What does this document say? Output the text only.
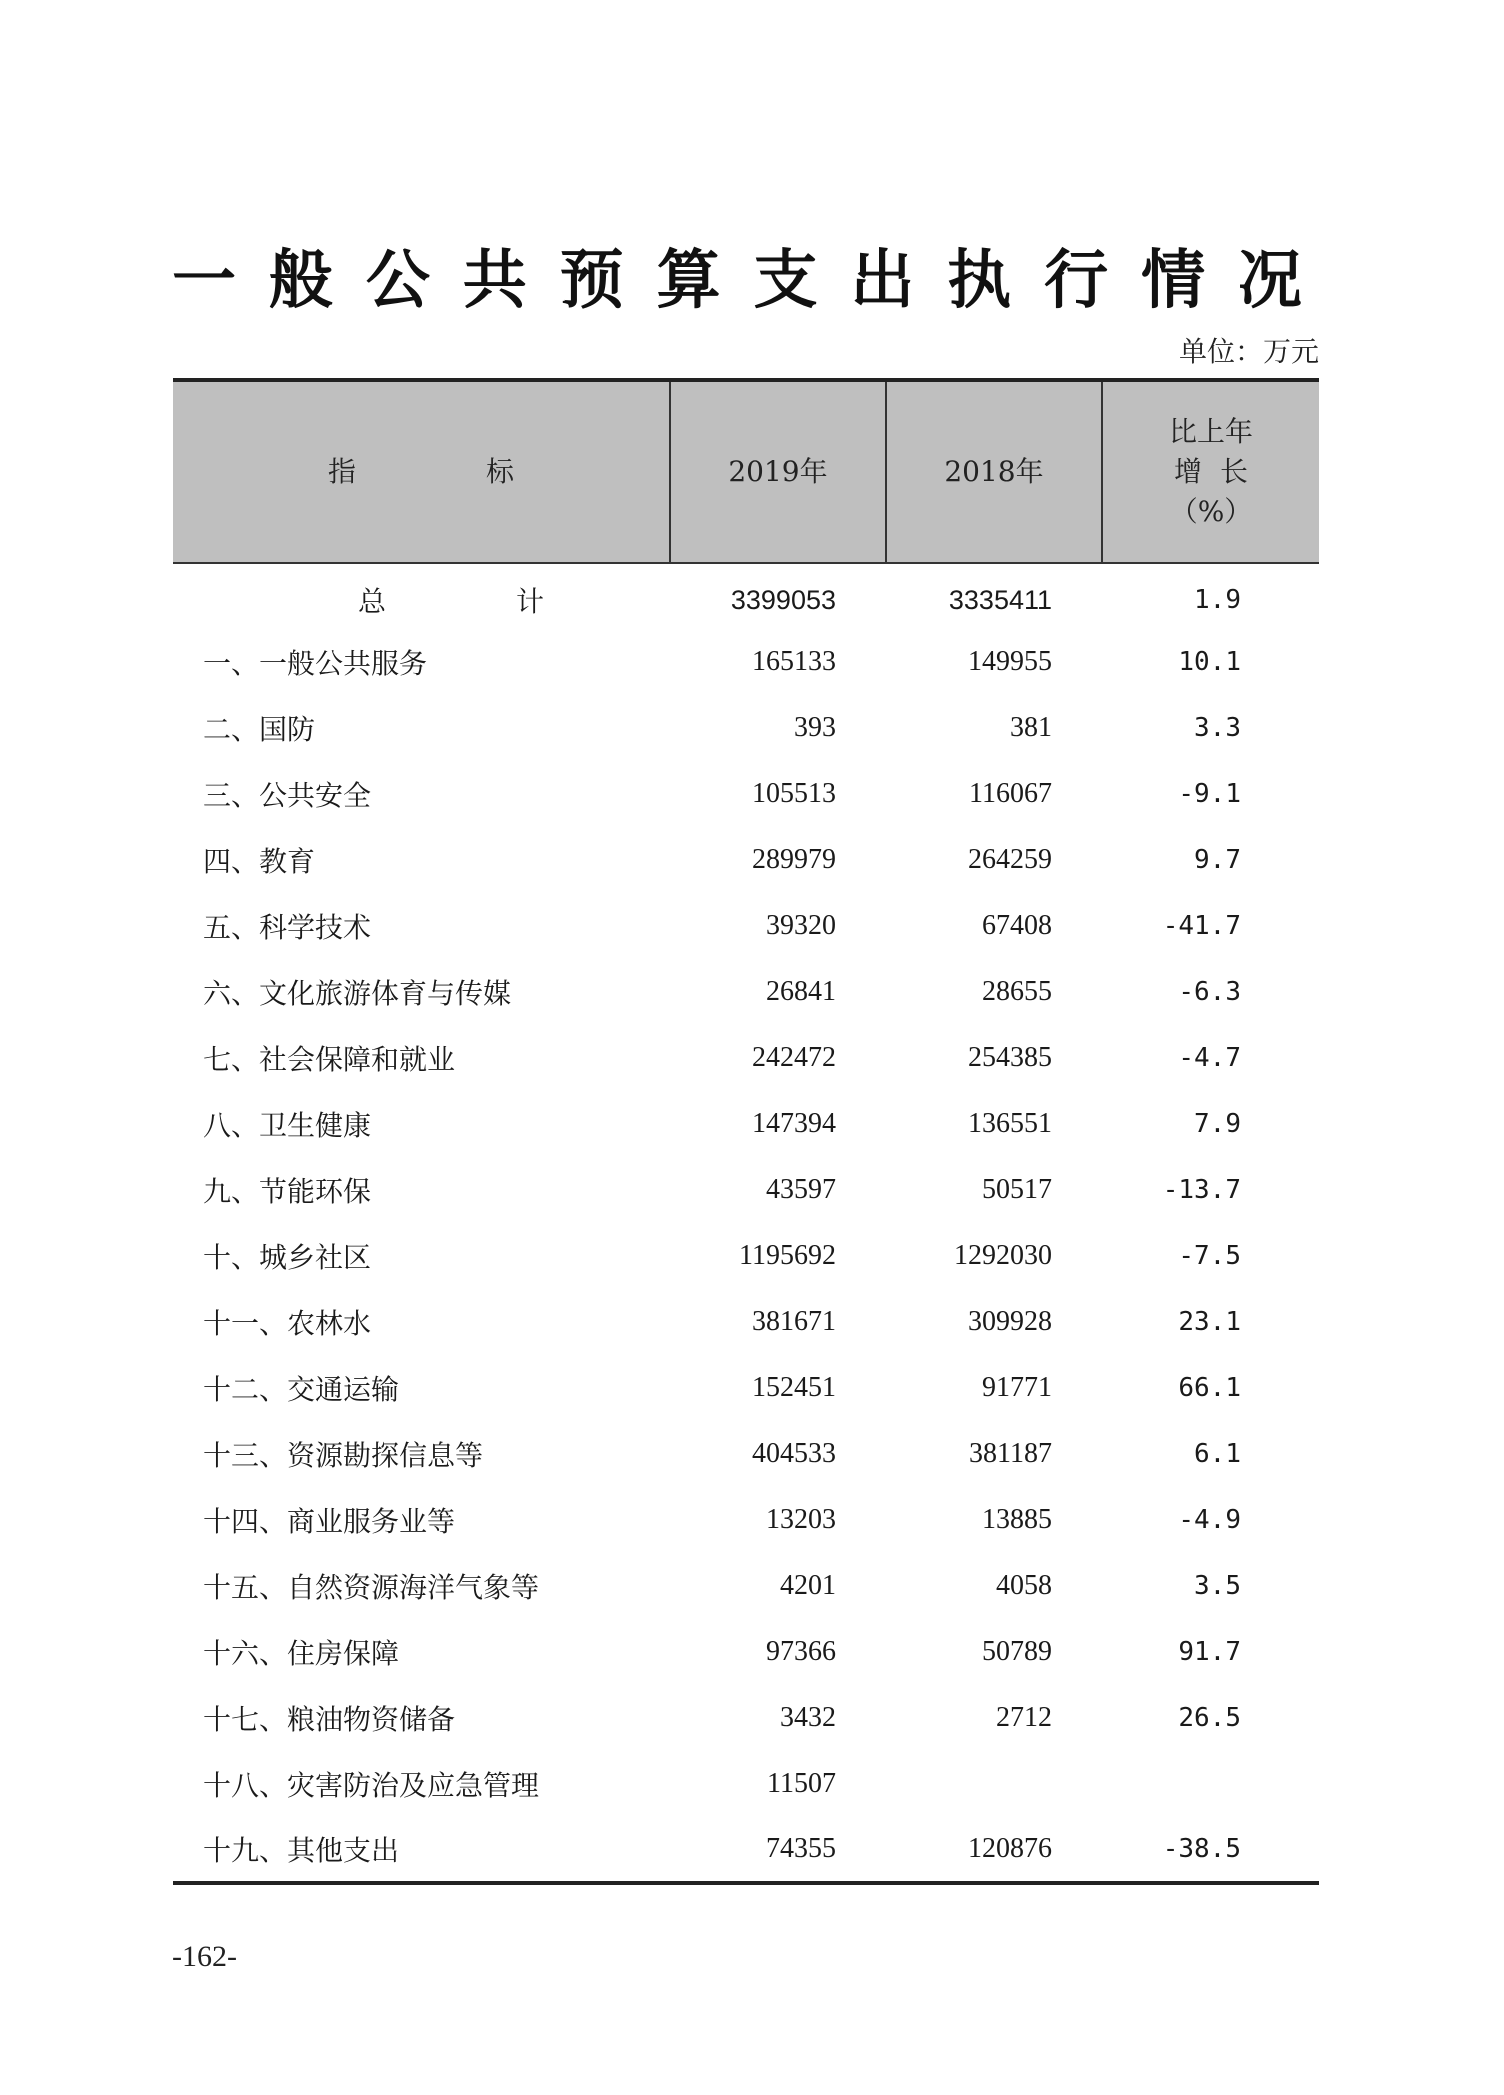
一 般 公 共 预 算 支 出 执 行 情 况
单位：万元
指 标	2019年	2018年	比上年
增长
（%）

总 计	3399053	3335411	1.9
一、一般公共服务	165133	149955	10.1
二、国防	393	381	3.3
三、公共安全	105513	116067	-9.1
四、教育	289979	264259	9.7
五、科学技术	39320	67408	-41.7
六、文化旅游体育与传媒	26841	28655	-6.3
七、社会保障和就业	242472	254385	-4.7
八、卫生健康	147394	136551	7.9
九、节能环保	43597	50517	-13.7
十、城乡社区	1195692	1292030	-7.5
十一、农林水	381671	309928	23.1
十二、交通运输	152451	91771	66.1
十三、资源勘探信息等	404533	381187	6.1
十四、商业服务业等	13203	13885	-4.9
十五、自然资源海洋气象等	4201	4058	3.5
十六、住房保障	97366	50789	91.7
十七、粮油物资储备	3432	2712	26.5
十八、灾害防治及应急管理	11507		
十九、其他支出	74355	120876	-38.5
-162-
